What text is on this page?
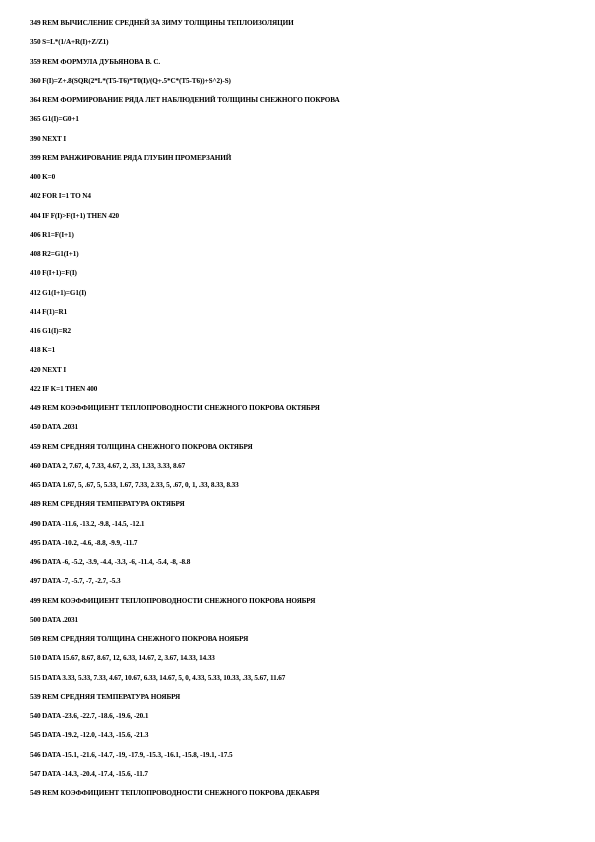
349 REM ВЫЧИСЛЕНИЕ СРЕДНЕЙ ЗА ЗИМУ ТОЛЩИНЫ ТЕПЛОИЗОЛЯЦИИ
350 S=L*(1/A+R(I)+Z/Z1)
359 REM ФОРМУЛА ДУБЬЯНОВА В. С.
360 F(I)=Z+.8(SQR(2*L*(T5-T6)*T0(I)/(Q+.5*C*(T5-T6))+S^2)-S)
364 REM ФОРМИРОВАНИЕ РЯДА ЛЕТ НАБЛЮДЕНИЙ ТОЛЩИНЫ СНЕЖНОГО ПОКРОВА
365 G1(I)=G0+1
390 NEXT I
399 REM РАНЖИРОВАНИЕ РЯДА ГЛУБИН ПРОМЕРЗАНИЙ
400 K=0
402 FOR I=1 TO N4
404 IF F(I)>F(I+1) THEN 420
406 R1=F(I+1)
408 R2=G1(I+1)
410 F(I+1)=F(I)
412 G1(I+1)=G1(I)
414 F(1)=R1
416 G1(I)=R2
418 K=1
420 NEXT I
422 IF K=1 THEN 400
449 REM КОЭФФИЦИЕНТ ТЕПЛОПРОВОДНОСТИ СНЕЖНОГО ПОКРОВА ОКТЯБРЯ
450 DATA .2031
459 REM СРЕДНЯЯ ТОЛЩИНА СНЕЖНОГО ПОКРОВА ОКТЯБРЯ
460 DATA 2, 7.67, 4, 7.33, 4.67, 2, .33, 1.33, 3.33, 8.67
465 DATA 1.67, 5, .67, 5, 5.33, 1.67, 7.33, 2.33, 5, .67, 0, 1, .33, 8.33, 8.33
489 REM СРЕДНЯЯ ТЕМПЕРАТУРА ОКТЯБРЯ
490 DATA -11.6, -13.2, -9.8, -14.5, -12.1
495 DATA -10.2, -4.6, -8.8, -9.9, -11.7
496 DATA -6, -5.2, -3.9, -4.4, -3.3, -6, -11.4, -5.4, -8, -8.8
497 DATA -7, -5.7, -7, -2.7, -5.3
499 REM КОЭФФИЦИЕНТ ТЕПЛОПРОВОДНОСТИ СНЕЖНОГО ПОКРОВА НОЯБРЯ
500 DATA .2031
509 REM СРЕДНЯЯ ТОЛЩИНА СНЕЖНОГО ПОКРОВА НОЯБРЯ
510 DATA 15.67, 8.67, 8.67, 12, 6.33, 14.67, 2, 3.67, 14.33, 14.33
515 DATA 3.33, 5.33, 7.33, 4.67, 10.67, 6.33, 14.67, 5, 0, 4.33, 5.33, 10.33, .33, 5.67, 11.67
539 REM СРЕДНЯЯ ТЕМПЕРАТУРА НОЯБРЯ
540 DATA -23.6, -22.7, -18.6, -19.6, -20.1
545 DATA -19.2, -12.0, -14.3, -15.6, -21.3
546 DATA -15.1, -21.6, -14.7, -19, -17.9, -15.3, -16.1, -15.8, -19.1, -17.5
547 DATA -14.3, -20.4, -17.4, -15.6, -11.7
549 REM КОЭФФИЦИЕНТ ТЕПЛОПРОВОДНОСТИ СНЕЖНОГО ПОКРОВА ДЕКАБРЯ
